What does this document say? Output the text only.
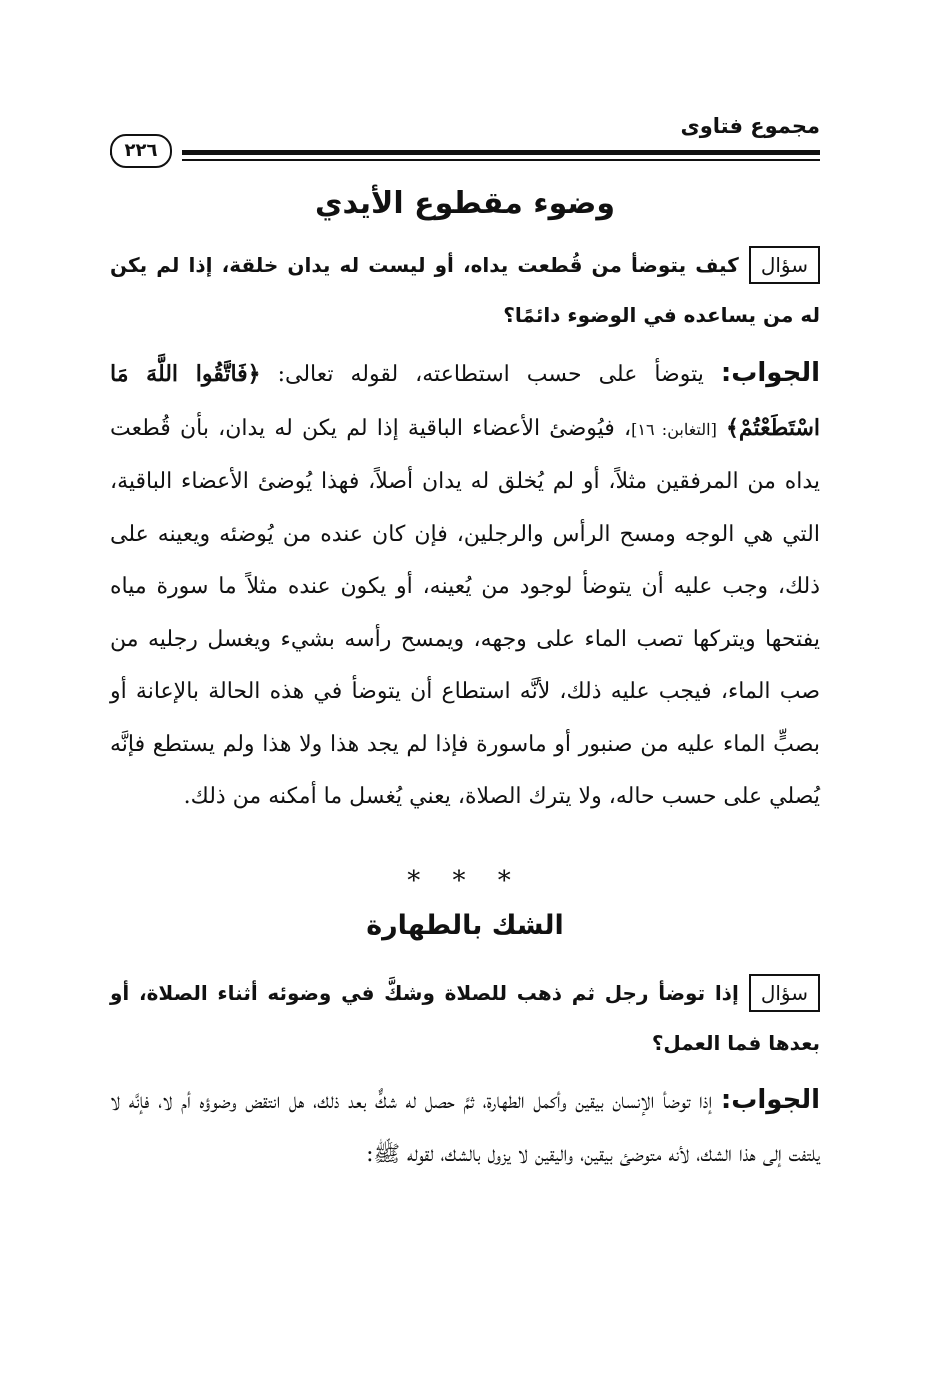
مجموع فتاوى
٢٢٦
وضوء مقطوع الأيدي
سؤالكيف يتوضأ من قُطعت يداه، أو ليست له يدان خلقة، إذا لم يكن له من يساعده في الوضوء دائمًا؟
الجواب: يتوضأ على حسب استطاعته، لقوله تعالى: ﴿فَاتَّقُوا اللَّهَ مَا اسْتَطَعْتُمْ﴾ [التغابن: ١٦]، فيُوضئ الأعضاء الباقية إذا لم يكن له يدان، بأن قُطعت يداه من المرفقين مثلاً، أو لم يُخلق له يدان أصلاً، فهذا يُوضئ الأعضاء الباقية، التي هي الوجه ومسح الرأس والرجلين، فإن كان عنده من يُوضئه ويعينه على ذلك، وجب عليه أن يتوضأ لوجود من يُعينه، أو يكون عنده مثلاً ما سورة مياه يفتحها ويتركها تصب الماء على وجهه، ويمسح رأسه بشيء ويغسل رجليه من صب الماء، فيجب عليه ذلك، لأنَّه استطاع أن يتوضأ في هذه الحالة بالإعانة أو بصبٍّ الماء عليه من صنبور أو ماسورة فإذا لم يجد هذا ولا هذا ولم يستطع فإنَّه يُصلي على حسب حاله، ولا يترك الصلاة، يعني يُغسل ما أمكنه من ذلك.
* * *
الشك بالطهارة
سؤالإذا توضأ رجل ثم ذهب للصلاة وشكَّ في وضوئه أثناء الصلاة، أو بعدها فما العمل؟
الجواب: إذا توضأ الإنسان بيقين وأكمل الطهارة، ثمَّ حصل له شكٌّ بعد ذلك، هل انتقض وضوؤه أم لا، فإنَّه لا يلتفت إلى هذا الشك، لأنه متوضئ بيقين، واليقين لا يزول بالشك، لقوله ﷺ:
